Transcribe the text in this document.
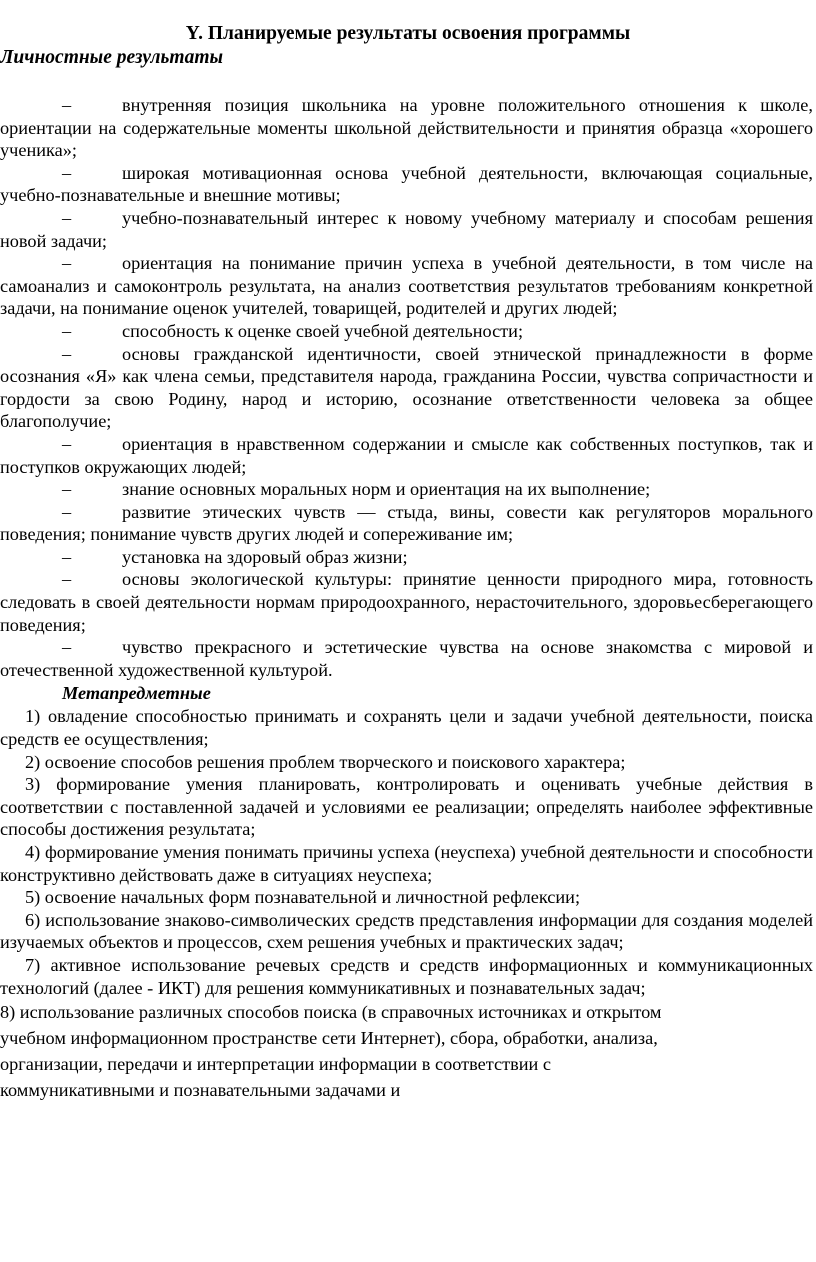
Y. Планируемые результаты освоения программы
Личностные результаты

–	внутренняя позиция школьника на уровне положительного отношения к школе, ориентации на содержательные моменты школьной действительности и принятия образца «хорошего ученика»;

–	широкая мотивационная основа учебной деятельности, включающая социальные, учебно-познавательные и внешние мотивы;

–	учебно-познавательный интерес к новому учебному материалу и способам решения новой задачи;

–	ориентация на понимание причин успеха в учебной деятельности, в том числе на самоанализ и самоконтроль результата, на анализ соответствия результатов требованиям конкретной задачи, на понимание оценок учителей, товарищей, родителей и других людей;

–	способность к оценке своей учебной деятельности;

–	основы гражданской идентичности, своей этнической принадлежности в форме осознания «Я» как члена семьи, представителя народа, гражданина России, чувства сопричастности и гордости за свою Родину, народ и историю, осознание ответственности человека за общее благополучие;

–	ориентация в нравственном содержании и смысле как собственных поступков, так и поступков окружающих людей;

–	знание основных моральных норм и ориентация на их выполнение;

–	развитие этических чувств — стыда, вины, совести как регуляторов морального поведения; понимание чувств других людей и сопереживание им;

–	установка на здоровый образ жизни;

–	основы экологической культуры: принятие ценности природного мира, готовность следовать в своей деятельности нормам природоохранного, нерасточительного, здоровьесберегающего поведения;

–	чувство прекрасного и эстетические чувства на основе знакомства с мировой и отечественной художественной культурой.

Метапредметные

1) овладение способностью принимать и сохранять цели и задачи учебной деятельности, поиска средств ее осуществления;

2) освоение способов решения проблем творческого и поискового характера;

3) формирование умения планировать, контролировать и оценивать учебные действия в соответствии с поставленной задачей и условиями ее реализации; определять наиболее эффективные способы достижения результата;

4) формирование умения понимать причины успеха (неуспеха) учебной деятельности и способности конструктивно действовать даже в ситуациях неуспеха;

5) освоение начальных форм познавательной и личностной рефлексии;

6) использование знаково-символических средств представления информации для создания моделей изучаемых объектов и процессов, схем решения учебных и практических задач;

7) активное использование речевых средств и средств информационных и коммуникационных технологий (далее - ИКТ) для решения коммуникативных и познавательных задач;

8) использование различных способов поиска (в справочных источниках и открытом

учебном информационном пространстве сети Интернет), сбора, обработки, анализа,

организации, передачи и интерпретации информации в соответствии с

коммуникативными и познавательными задачами и
